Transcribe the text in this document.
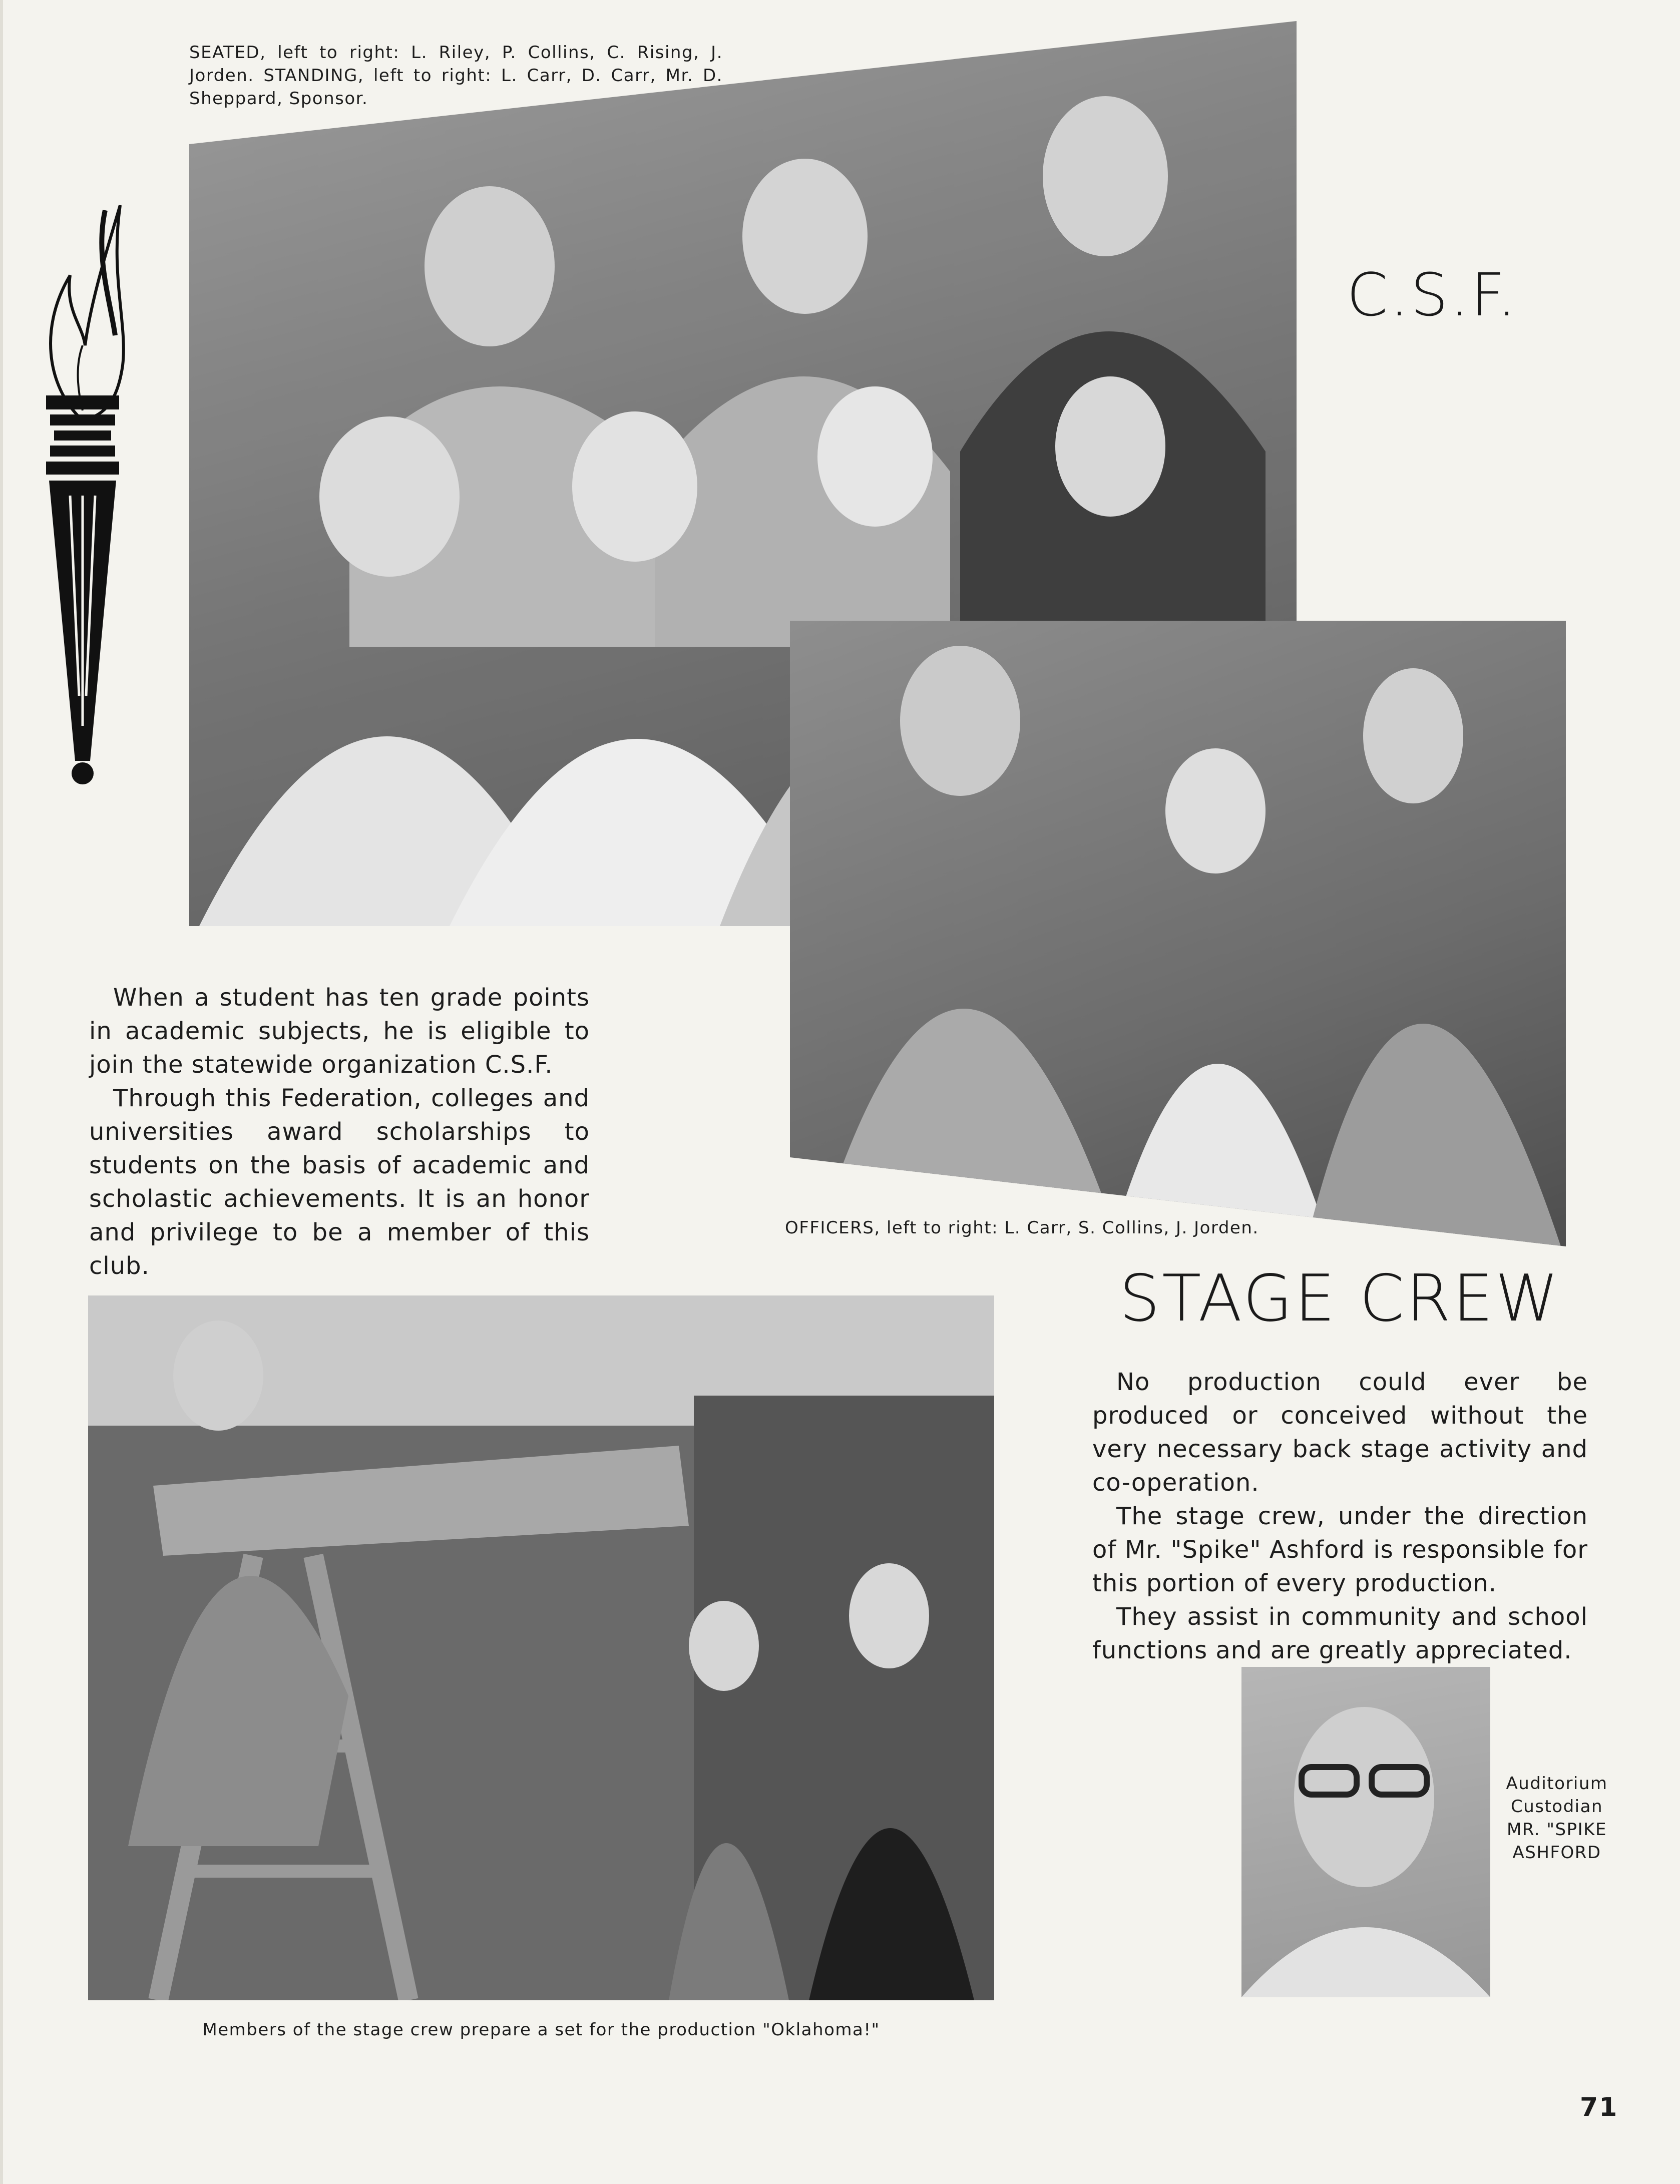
SEATED, left to right: L. Riley, P. Collins, C. Rising, J. Jorden. STANDING, left to right: L. Carr, D. Carr, Mr. D. Sheppard, Sponsor.
C.S.F.

When a student has ten grade points in academic subjects, he is eligible to join the statewide organization C.S.F.

Through this Federation, colleges and universities award scholarships to students on the basis of academic and scholastic achievements. It is an honor and privilege to be a member of this club.

OFFICERS, left to right: L. Carr, S. Collins, J. Jorden.
STAGE CREW

No production could ever be produced or conceived without the very necessary back stage activity and co-operation.

The stage crew, under the direction of Mr. "Spike" Ashford is responsible for this portion of every production.

They assist in community and school functions and are greatly appreciated.

Auditorium
Custodian
MR. "SPIKE
ASHFORD
Members of the stage crew prepare a set for the production "Oklahoma!"
71
